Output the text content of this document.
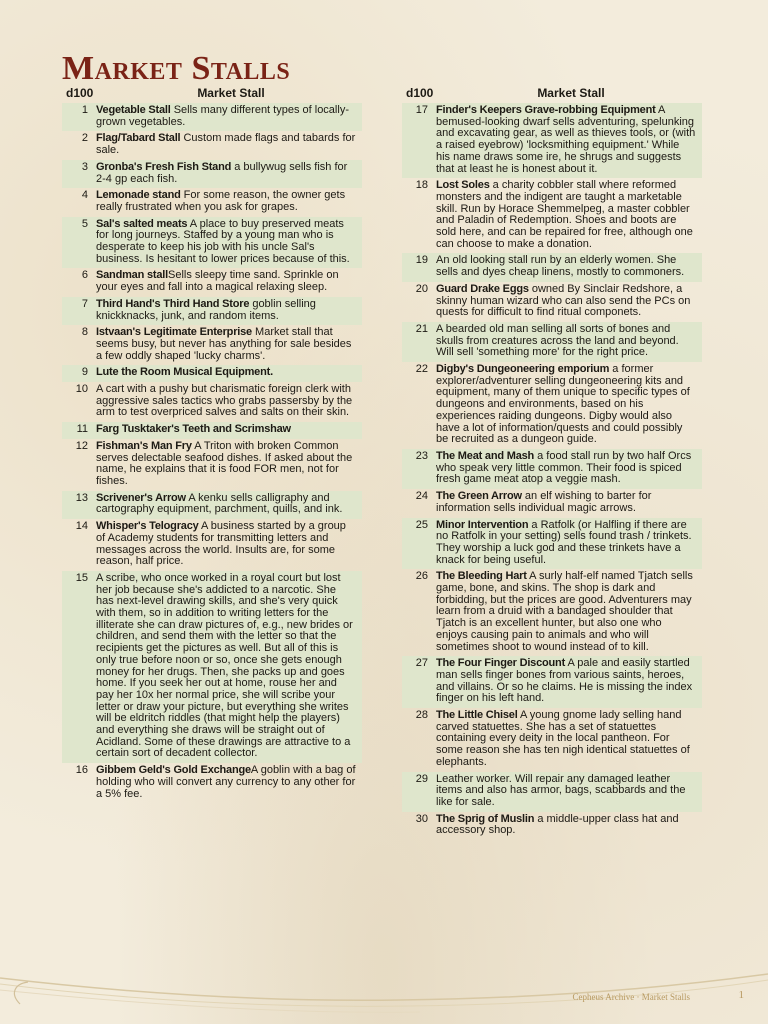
Market Stalls
d100	Market Stall
1 Vegetable Stall Sells many different types of locally-grown vegetables.
2 Flag/Tabard Stall Custom made flags and tabards for sale.
3 Gronba's Fresh Fish Stand a bullywug sells fish for 2-4 gp each fish.
4 Lemonade stand For some reason, the owner gets really frustrated when you ask for grapes.
5 Sal's salted meats A place to buy preserved meats for long journeys. Staffed by a young man who is desperate to keep his job with his uncle Sal's business. Is hesitant to lower prices because of this.
6 Sandman stallSells sleepy time sand. Sprinkle on your eyes and fall into a magical relaxing sleep.
7 Third Hand's Third Hand Store goblin selling knickknacks, junk, and random items.
8 Istvaan's Legitimate Enterprise Market stall that seems busy, but never has anything for sale besides a few oddly shaped 'lucky charms'.
9 Lute the Room Musical Equipment.
10 A cart with a pushy but charismatic foreign clerk with aggressive sales tactics who grabs passersby by the arm to test overpriced salves and salts on their skin.
11 Farg Tusktaker's Teeth and Scrimshaw
12 Fishman's Man Fry A Triton with broken Common serves delectable seafood dishes. If asked about the name, he explains that it is food FOR men, not for fishes.
13 Scrivener's Arrow A kenku sells calligraphy and cartography equipment, parchment, quills, and ink.
14 Whisper's Telogracy A business started by a group of Academy students for transmitting letters and messages across the world. Insults are, for some reason, half price.
15 A scribe, who once worked in a royal court but lost her job because she's addicted to a narcotic. She has next-level drawing skills, and she's very quick with them, so in addition to writing letters for the illiterate she can draw pictures of, e.g., new brides or children, and send them with the letter so that the recipients get the pictures as well. But all of this is only true before noon or so, once she gets enough money for her drugs. Then, she packs up and goes home. If you seek her out at home, rouse her and pay her 10x her normal price, she will scribe your letter or draw your picture, but everything she writes will be eldritch riddles (that might help the players) and everything she draws will be straight out of Acidland. Some of these drawings are attractive to a certain sort of decadent collector.
16 Gibbem Geld's Gold ExchangeA goblin with a bag of holding who will convert any currency to any other for a 5% fee.
d100	Market Stall
17 Finder's Keepers Grave-robbing Equipment A bemused-looking dwarf sells adventuring, spelunking and excavating gear, as well as thieves tools, or (with a raised eyebrow) 'locksmithing equipment.' While his name draws some ire, he shrugs and suggests that at least he is honest about it.
18 Lost Soles a charity cobbler stall where reformed monsters and the indigent are taught a marketable skill. Run by Horace Shemmelpeg, a master cobbler and Paladin of Redemption. Shoes and boots are sold here, and can be repaired for free, although one can choose to make a donation.
19 An old looking stall run by an elderly women. She sells and dyes cheap linens, mostly to commoners.
20 Guard Drake Eggs owned By Sinclair Redshore, a skinny human wizard who can also send the PCs on quests for difficult to find ritual componets.
21 A bearded old man selling all sorts of bones and skulls from creatures across the land and beyond. Will sell 'something more' for the right price.
22 Digby's Dungeoneering emporium a former explorer/adventurer selling dungeoneering kits and equipment, many of them unique to specific types of dungeons and environments, based on his experiences raiding dungeons. Digby would also have a lot of information/quests and could possibly be recruited as a dungeon guide.
23 The Meat and Mash a food stall run by two half Orcs who speak very little common. Their food is spiced fresh game meat atop a veggie mash.
24 The Green Arrow an elf wishing to barter for information sells individual magic arrows.
25 Minor Intervention a Ratfolk (or Halfling if there are no Ratfolk in your setting) sells found trash / trinkets. They worship a luck god and these trinkets have a knack for being useful.
26 The Bleeding Hart A surly half-elf named Tjatch sells game, bone, and skins. The shop is dark and forbidding, but the prices are good. Adventurers may learn from a druid with a bandaged shoulder that Tjatch is an excellent hunter, but also one who enjoys causing pain to animals and who will sometimes shoot to wound instead of to kill.
27 The Four Finger Discount A pale and easily startled man sells finger bones from various saints, heroes, and villains. Or so he claims. He is missing the index finger on his left hand.
28 The Little Chisel A young gnome lady selling hand carved statuettes. She has a set of statuettes containing every deity in the local pantheon. For some reason she has ten nigh identical statuettes of elephants.
29 Leather worker. Will repair any damaged leather items and also has armor, bags, scabbards and the like for sale.
30 The Sprig of Muslin a middle-upper class hat and accessory shop.
Cepheus Archive · Market Stalls	1
